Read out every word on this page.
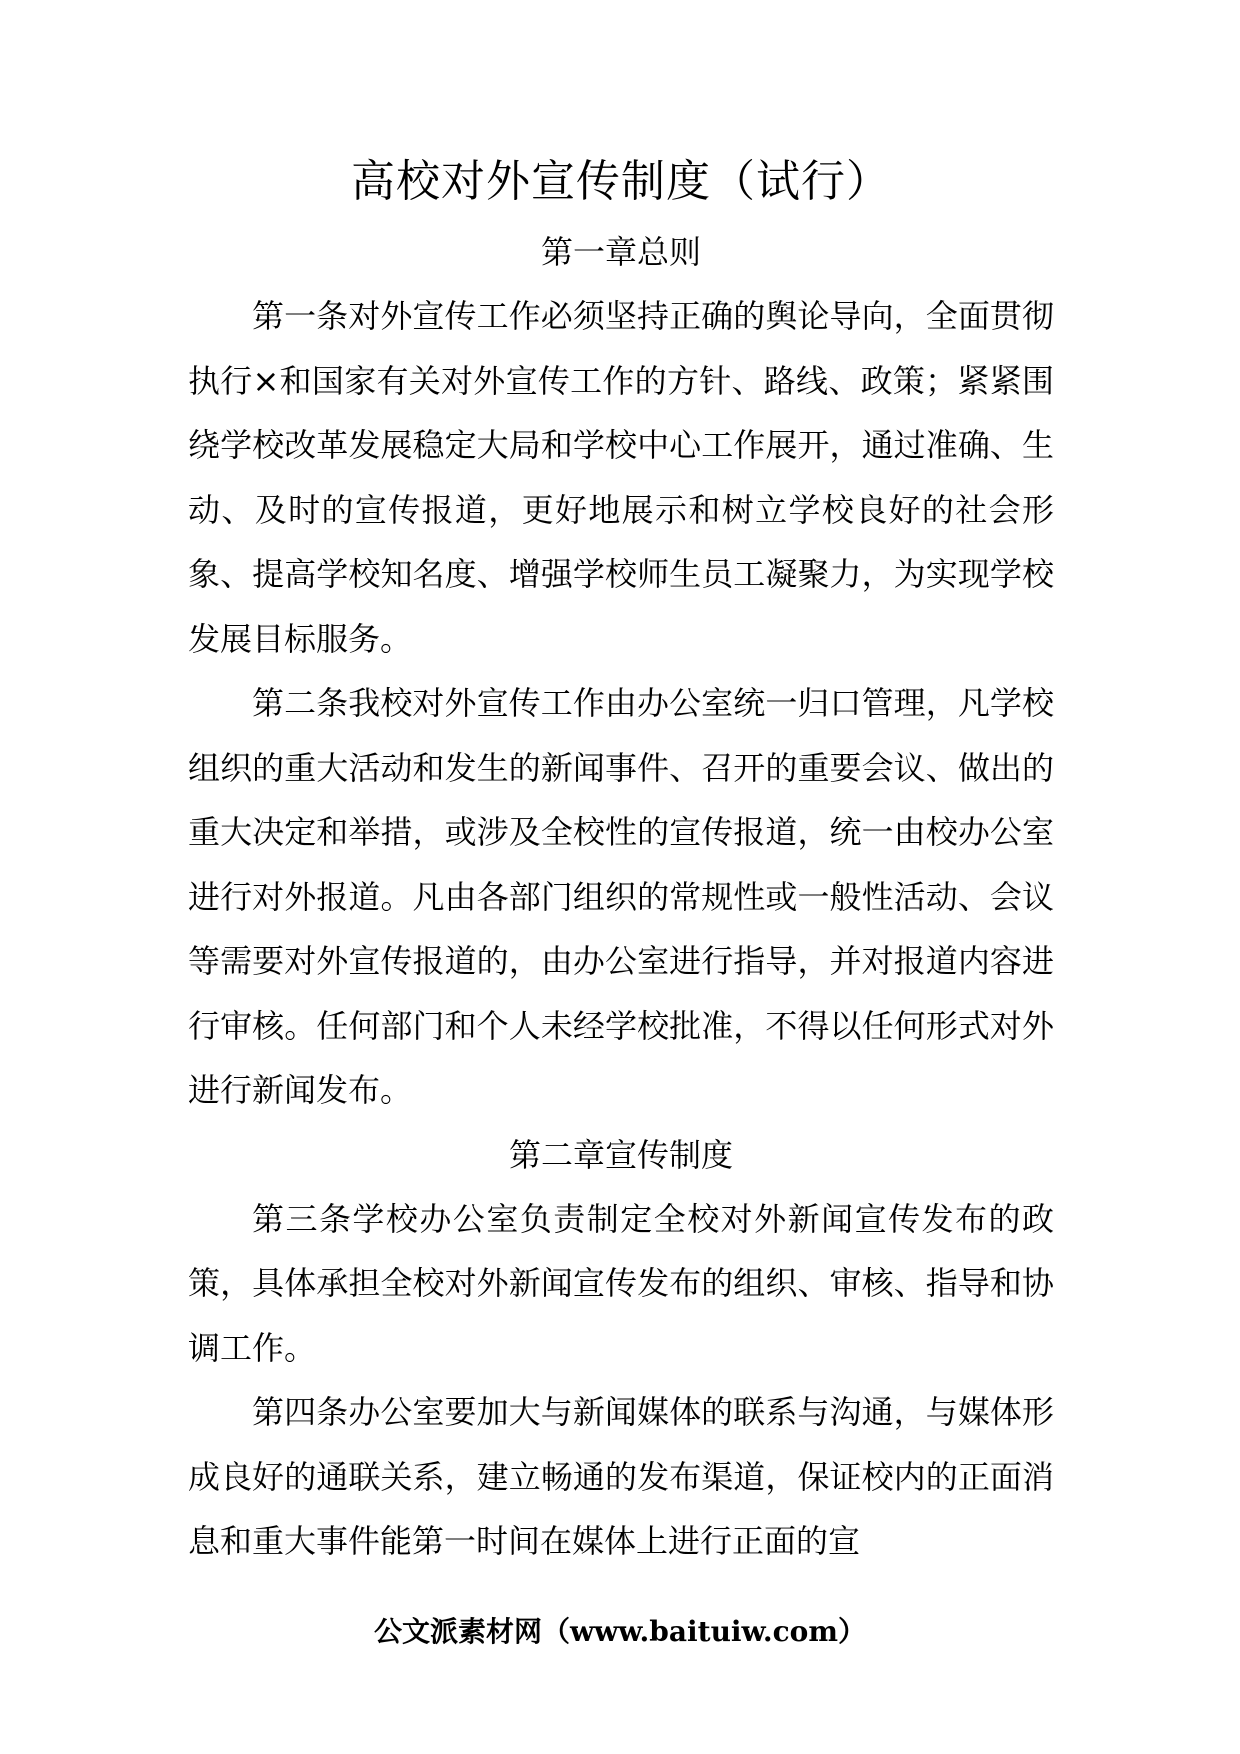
高校对外宣传制度（试行）
第一章总则

第一条对外宣传工作必须坚持正确的舆论导向，全面贯彻执行×和国家有关对外宣传工作的方针、路线、政策；紧紧围绕学校改革发展稳定大局和学校中心工作展开，通过准确、生动、及时的宣传报道，更好地展示和树立学校良好的社会形象、提高学校知名度、增强学校师生员工凝聚力，为实现学校发展目标服务。

第二条我校对外宣传工作由办公室统一归口管理，凡学校组织的重大活动和发生的新闻事件、召开的重要会议、做出的重大决定和举措，或涉及全校性的宣传报道，统一由校办公室进行对外报道。凡由各部门组织的常规性或一般性活动、会议等需要对外宣传报道的，由办公室进行指导，并对报道内容进行审核。任何部门和个人未经学校批准，不得以任何形式对外进行新闻发布。

第二章宣传制度

第三条学校办公室负责制定全校对外新闻宣传发布的政策，具体承担全校对外新闻宣传发布的组织、审核、指导和协调工作。

第四条办公室要加大与新闻媒体的联系与沟通，与媒体形成良好的通联关系，建立畅通的发布渠道，保证校内的正面消息和重大事件能第一时间在媒体上进行正面的宣

公文派素材网（www.baituiw.com）
